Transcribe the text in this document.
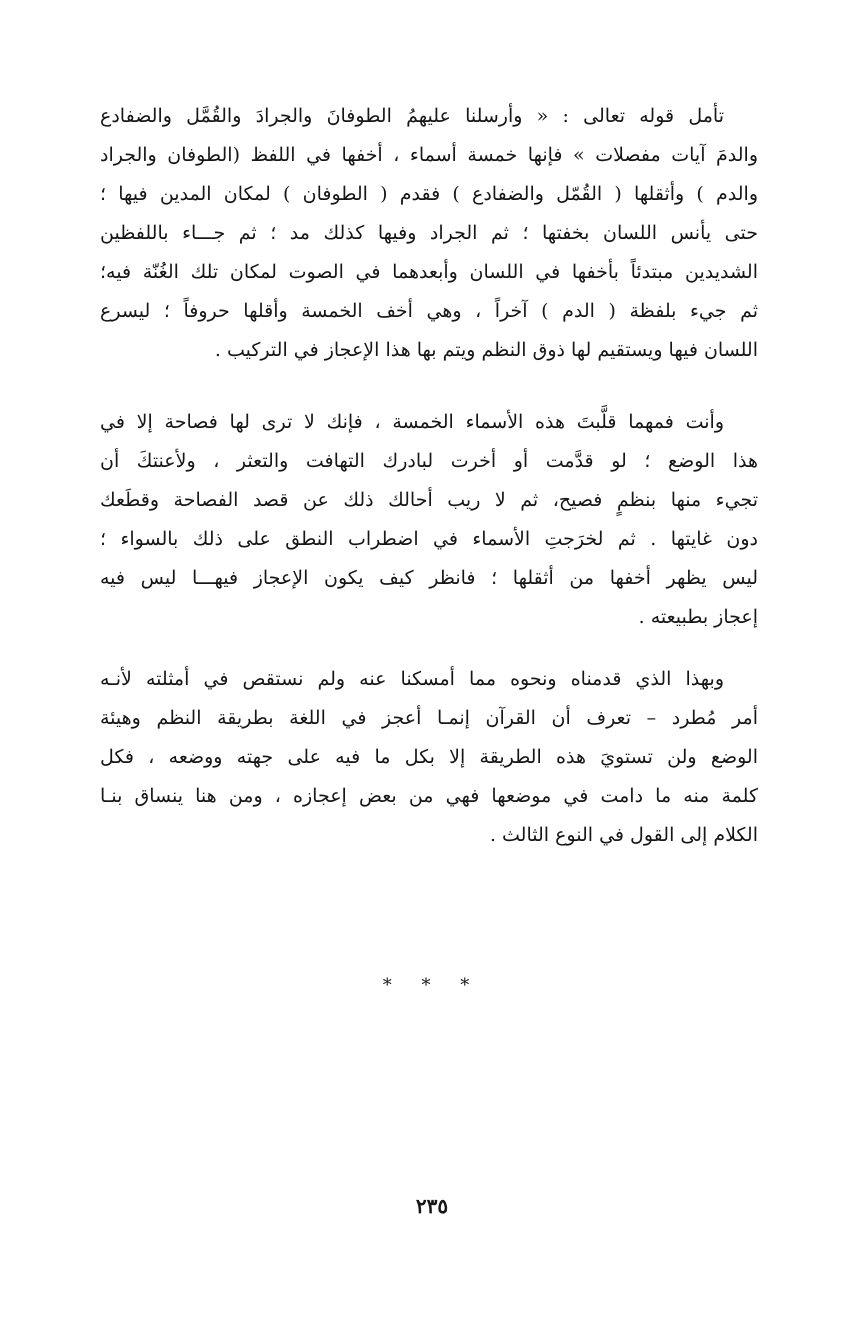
تأمل قوله تعالى : « وأرسلنا عليهمُ الطوفانَ والجرادَ والقُمَّل والضفادع
والدمَ آيات مفصلات » فإنها خمسة أسماء ، أخفها في اللفظ (الطوفان والجراد
والدم ) وأثقلها ( القُمّل والضفادع ) فقدم ( الطوفان ) لمكان المدين فيها ؛
حتى يأنس اللسان بخفتها ؛ ثم الجراد وفيها كذلك مد ؛ ثم جـــاء باللفظين
الشديدين مبتدئاً بأخفها في اللسان وأبعدهما في الصوت لمكان تلك الغُنّة فيه؛
ثم جيء بلفظة ( الدم ) آخراً ، وهي أخف الخمسة وأقلها حروفاً ؛ ليسرع
اللسان فيها ويستقيم لها ذوق النظم ويتم بها هذا الإعجاز في التركيب .
وأنت فمهما قلَّبتَ هذه الأسماء الخمسة ، فإنك لا ترى لها فصاحة إلا في
هذا الوضع ؛ لو قدَّمت أو أخرت لبادرك التهافت والتعثر ، ولأعنتكَ أن
تجيء منها بنظمٍ فصيح، ثم لا ريب أحالك ذلك عن قصد الفصاحة وقطَعك
دون غايتها . ثم لخرَجتِ الأسماء في اضطراب النطق على ذلك بالسواء ؛
ليس يظهر أخفها من أثقلها ؛ فانظر كيف يكون الإعجاز فيهـــا ليس فيه
إعجاز بطبيعته .
وبهذا الذي قدمناه ونحوه مما أمسكنا عنه ولم نستقص في أمثلته لأنـه
أمر مُطرد – تعرف أن القرآن إنمـا أعجز في اللغة بطريقة النظم وهيئة
الوضع ولن تستويَ هذه الطريقة إلا بكل ما فيه على جهته ووضعه ، فكل
كلمة منه ما دامت في موضعها فهي من بعض إعجازه ، ومن هنا ينساق بنـا
الكلام إلى القول في النوع الثالث .
* * *
٢٣٥
